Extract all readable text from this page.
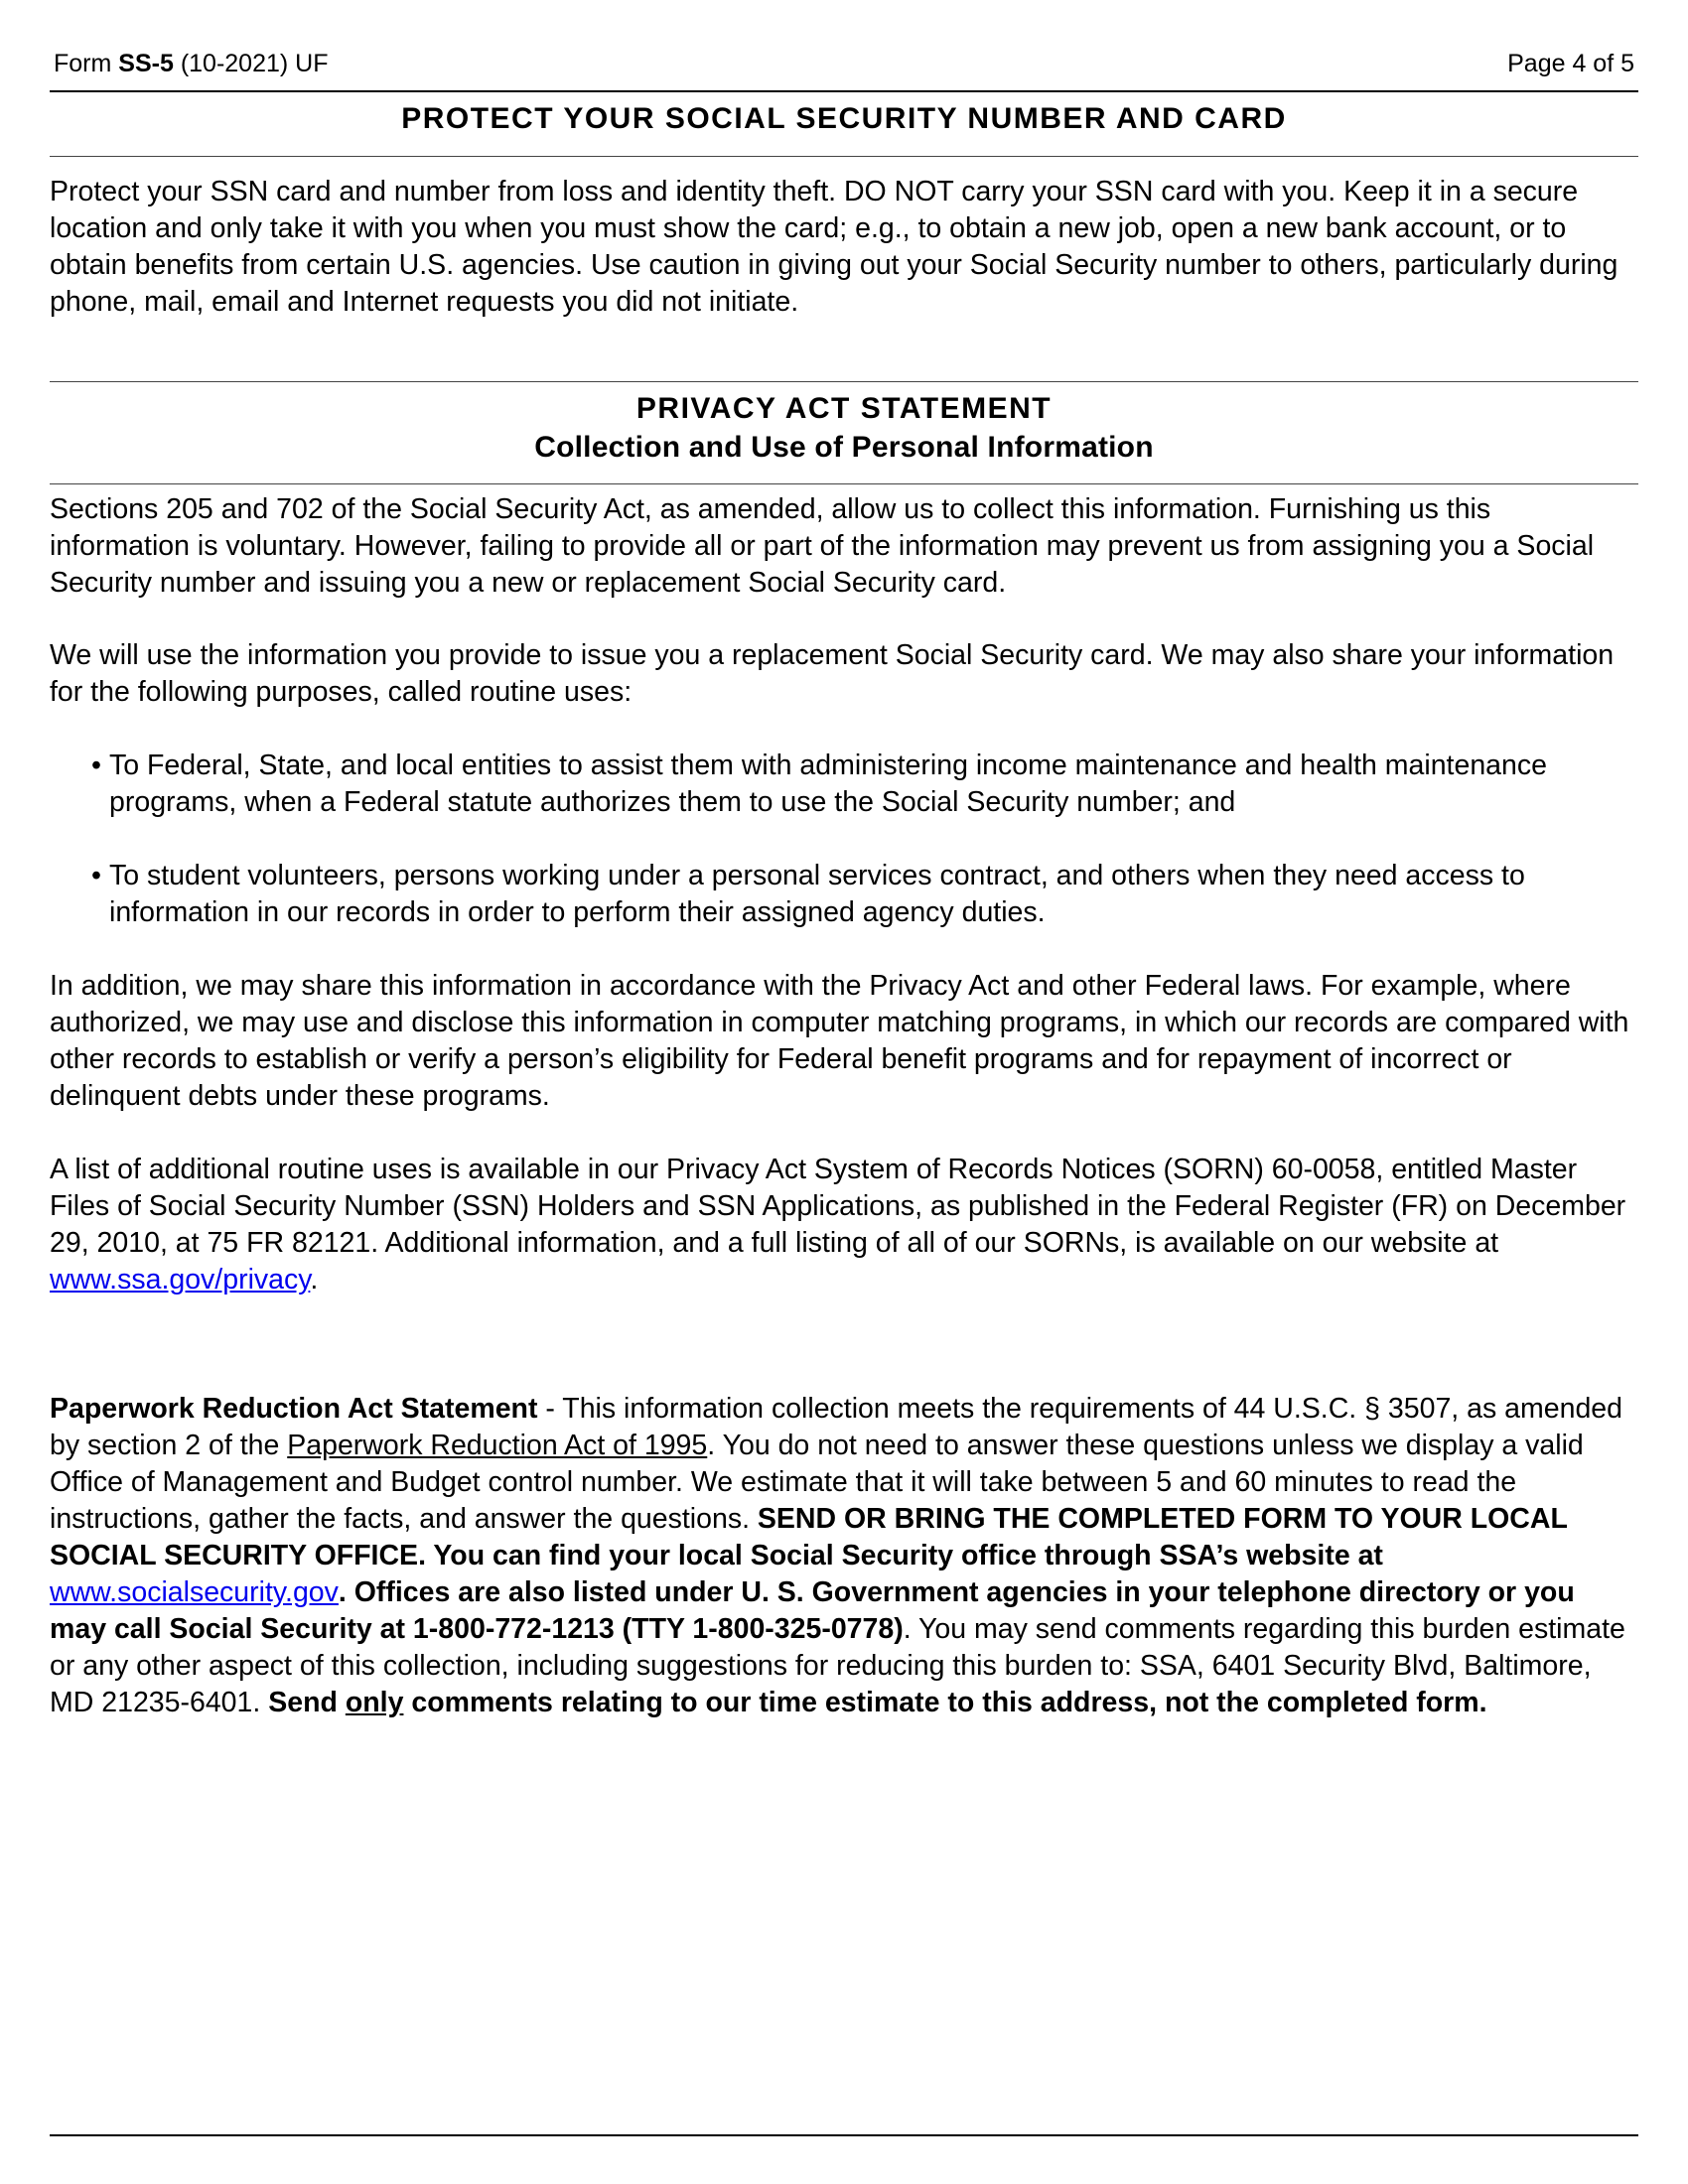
Form SS-5 (10-2021) UF	Page 4 of 5
PROTECT YOUR SOCIAL SECURITY NUMBER AND CARD
Protect your SSN card and number from loss and identity theft. DO NOT carry your SSN card with you. Keep it in a secure location and only take it with you when you must show the card; e.g., to obtain a new job, open a new bank account, or to obtain benefits from certain U.S. agencies. Use caution in giving out your Social Security number to others, particularly during phone, mail, email and Internet requests you did not initiate.
PRIVACY ACT STATEMENT
Collection and Use of Personal Information
Sections 205 and 702 of the Social Security Act, as amended, allow us to collect this information. Furnishing us this information is voluntary. However, failing to provide all or part of the information may prevent us from assigning you a Social Security number and issuing you a new or replacement Social Security card.
We will use the information you provide to issue you a replacement Social Security card. We may also share your information for the following purposes, called routine uses:
• To Federal, State, and local entities to assist them with administering income maintenance and health maintenance programs, when a Federal statute authorizes them to use the Social Security number; and
• To student volunteers, persons working under a personal services contract, and others when they need access to information in our records in order to perform their assigned agency duties.
In addition, we may share this information in accordance with the Privacy Act and other Federal laws. For example, where authorized, we may use and disclose this information in computer matching programs, in which our records are compared with other records to establish or verify a person’s eligibility for Federal benefit programs and for repayment of incorrect or delinquent debts under these programs.
A list of additional routine uses is available in our Privacy Act System of Records Notices (SORN) 60-0058, entitled Master Files of Social Security Number (SSN) Holders and SSN Applications, as published in the Federal Register (FR) on December 29, 2010, at 75 FR 82121. Additional information, and a full listing of all of our SORNs, is available on our website at www.ssa.gov/privacy.
Paperwork Reduction Act Statement - This information collection meets the requirements of 44 U.S.C. § 3507, as amended by section 2 of the Paperwork Reduction Act of 1995. You do not need to answer these questions unless we display a valid Office of Management and Budget control number. We estimate that it will take between 5 and 60 minutes to read the instructions, gather the facts, and answer the questions. SEND OR BRING THE COMPLETED FORM TO YOUR LOCAL SOCIAL SECURITY OFFICE. You can find your local Social Security office through SSA’s website at www.socialsecurity.gov. Offices are also listed under U. S. Government agencies in your telephone directory or you may call Social Security at 1-800-772-1213 (TTY 1-800-325-0778). You may send comments regarding this burden estimate or any other aspect of this collection, including suggestions for reducing this burden to: SSA, 6401 Security Blvd, Baltimore, MD 21235-6401. Send only comments relating to our time estimate to this address, not the completed form.
